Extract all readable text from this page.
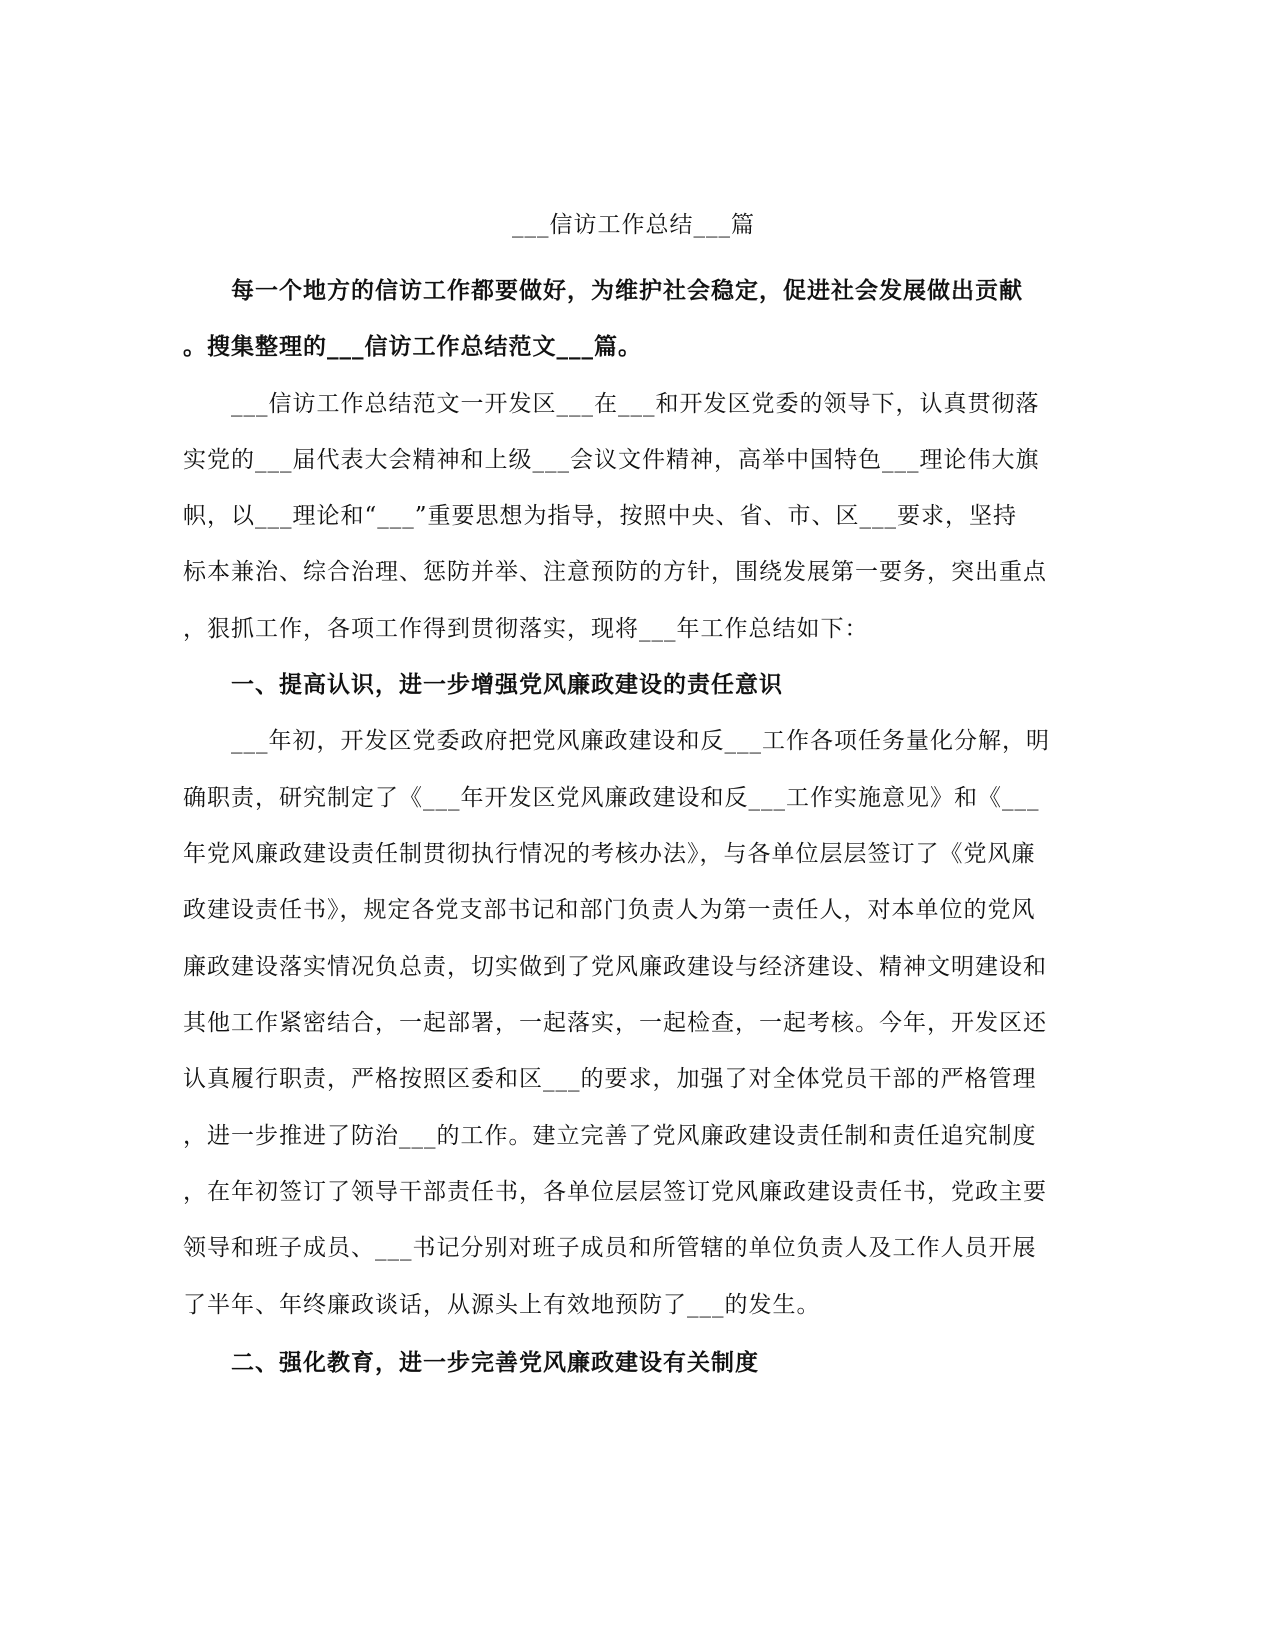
___信访工作总结___篇
　　每一个地方的信访工作都要做好，为维护社会稳定，促进社会发展做出贡献
。搜集整理的___信访工作总结范文___篇。
　　___信访工作总结范文一开发区___在___和开发区党委的领导下，认真贯彻落
实党的___届代表大会精神和上级___会议文件精神，高举中国特色___理论伟大旗
帜，以___理论和“___”重要思想为指导，按照中央、省、市、区___要求，坚持
标本兼治、综合治理、惩防并举、注意预防的方针，围绕发展第一要务，突出重点
，狠抓工作，各项工作得到贯彻落实，现将___年工作总结如下：
　　一、提高认识，进一步增强党风廉政建设的责任意识
　　___年初，开发区党委政府把党风廉政建设和反___工作各项任务量化分解，明
确职责，研究制定了《___年开发区党风廉政建设和反___工作实施意见》和《___
年党风廉政建设责任制贯彻执行情况的考核办法》，与各单位层层签订了《党风廉
政建设责任书》，规定各党支部书记和部门负责人为第一责任人，对本单位的党风
廉政建设落实情况负总责，切实做到了党风廉政建设与经济建设、精神文明建设和
其他工作紧密结合，一起部署，一起落实，一起检查，一起考核。今年，开发区还
认真履行职责，严格按照区委和区___的要求，加强了对全体党员干部的严格管理
，进一步推进了防治___的工作。建立完善了党风廉政建设责任制和责任追究制度
，在年初签订了领导干部责任书，各单位层层签订党风廉政建设责任书，党政主要
领导和班子成员、___书记分别对班子成员和所管辖的单位负责人及工作人员开展
了半年、年终廉政谈话，从源头上有效地预防了___的发生。
　　二、强化教育，进一步完善党风廉政建设有关制度
